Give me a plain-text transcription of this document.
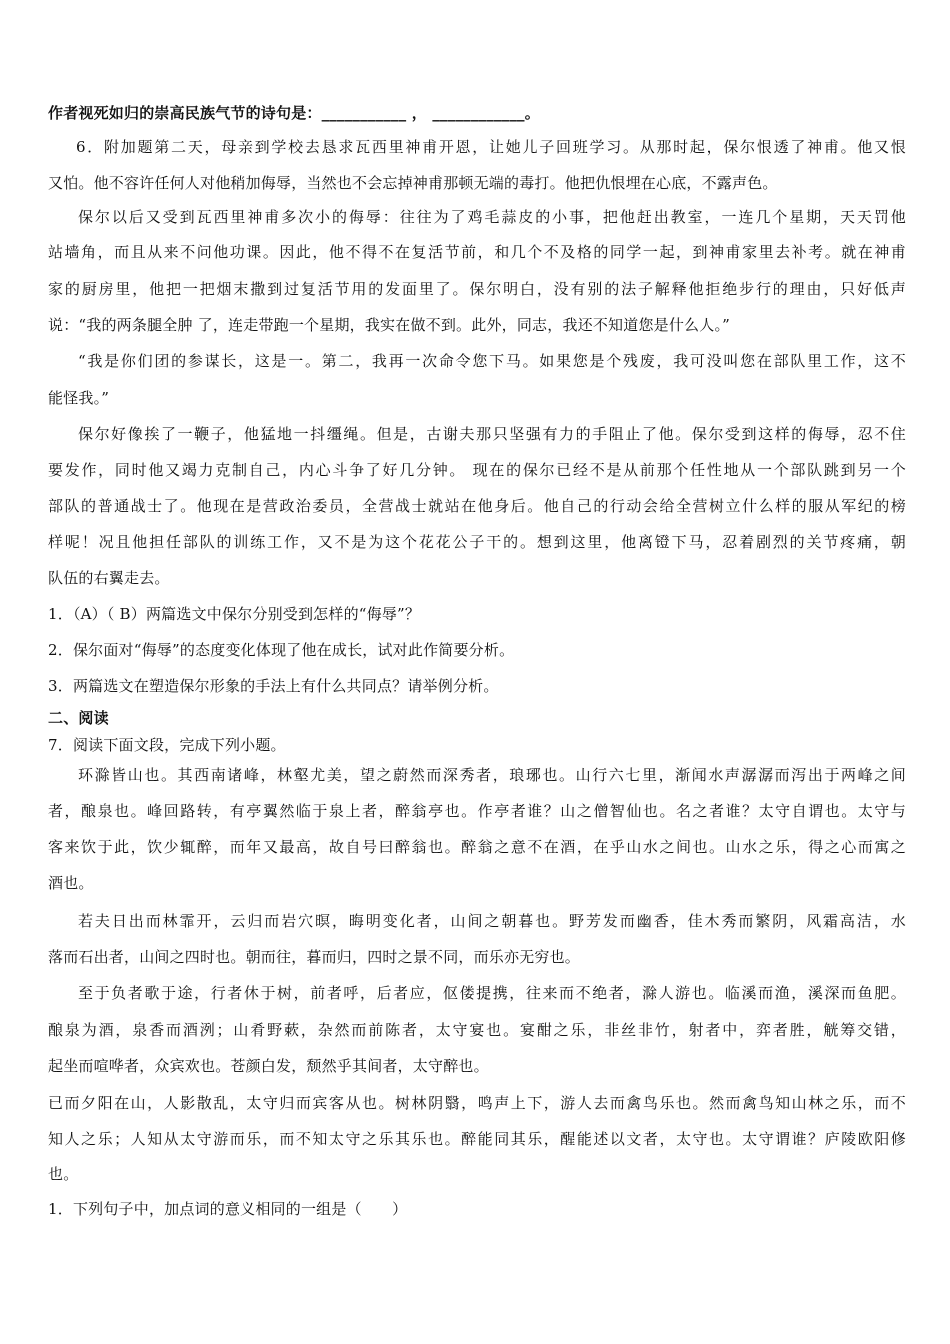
作者视死如归的崇高民族气节的诗句是：___________ ， ____________。
6．附加题第二天，母亲到学校去恳求瓦西里神甫开恩，让她儿子回班学习。从那时起，保尔恨透了神甫。他又恨
又怕。他不容许任何人对他稍加侮辱，当然也不会忘掉神甫那顿无端的毒打。他把仇恨埋在心底，不露声色。
保尔以后又受到瓦西里神甫多次小的侮辱：往往为了鸡毛蒜皮的小事，把他赶出教室，一连几个星期，天天罚他
站墙角，而且从来不问他功课。因此，他不得不在复活节前，和几个不及格的同学一起，到神甫家里去补考。就在神甫
家的厨房里，他把一把烟末撒到过复活节用的发面里了。保尔明白，没有别的法子解释他拒绝步行的理由，只好低声
说：“我的两条腿全肿 了，连走带跑一个星期，我实在做不到。此外，同志，我还不知道您是什么人。”
“我是你们团的参谋长，这是一。第二，我再一次命令您下马。如果您是个残废，我可没叫您在部队里工作，这不
能怪我。”
保尔好像挨了一鞭子，他猛地一抖缰绳。但是，古谢夫那只坚强有力的手阻止了他。保尔受到这样的侮辱，忍不住
要发作，同时他又竭力克制自己，内心斗争了好几分钟。 现在的保尔已经不是从前那个任性地从一个部队跳到另一个
部队的普通战士了。他现在是营政治委员，全营战士就站在他身后。他自己的行动会给全营树立什么样的服从军纪的榜
样呢！况且他担任部队的训练工作，又不是为这个花花公子干的。想到这里，他离镫下马，忍着剧烈的关节疼痛，朝
队伍的右翼走去。
1．（A）（ B）两篇选文中保尔分别受到怎样的“侮辱”？
2．保尔面对“侮辱”的态度变化体现了他在成长，试对此作简要分析。
3．两篇选文在塑造保尔形象的手法上有什么共同点？请举例分析。
二、阅读
7．阅读下面文段，完成下列小题。
环滁皆山也。其西南诸峰，林壑尤美，望之蔚然而深秀者，琅琊也。山行六七里，渐闻水声潺潺而泻出于两峰之间
者，酿泉也。峰回路转，有亭翼然临于泉上者，醉翁亭也。作亭者谁？山之僧智仙也。名之者谁？太守自谓也。太守与
客来饮于此，饮少辄醉，而年又最高，故自号曰醉翁也。醉翁之意不在酒，在乎山水之间也。山水之乐，得之心而寓之
酒也。
若夫日出而林霏开，云归而岩穴暝，晦明变化者，山间之朝暮也。野芳发而幽香，佳木秀而繁阴，风霜高洁，水
落而石出者，山间之四时也。朝而往，暮而归，四时之景不同，而乐亦无穷也。
至于负者歌于途，行者休于树，前者呼，后者应，伛偻提携，往来而不绝者，滁人游也。临溪而渔，溪深而鱼肥。
酿泉为酒，泉香而酒洌；山肴野蔌，杂然而前陈者，太守宴也。宴酣之乐，非丝非竹，射者中，弈者胜，觥筹交错，
起坐而喧哗者，众宾欢也。苍颜白发，颓然乎其间者，太守醉也。
已而夕阳在山，人影散乱，太守归而宾客从也。树林阴翳，鸣声上下，游人去而禽鸟乐也。然而禽鸟知山林之乐，而不
知人之乐；人知从太守游而乐，而不知太守之乐其乐也。醉能同其乐，醒能述以文者，太守也。太守谓谁？庐陵欧阳修
也。
1．下列句子中，加点词的意义相同的一组是（　　）
